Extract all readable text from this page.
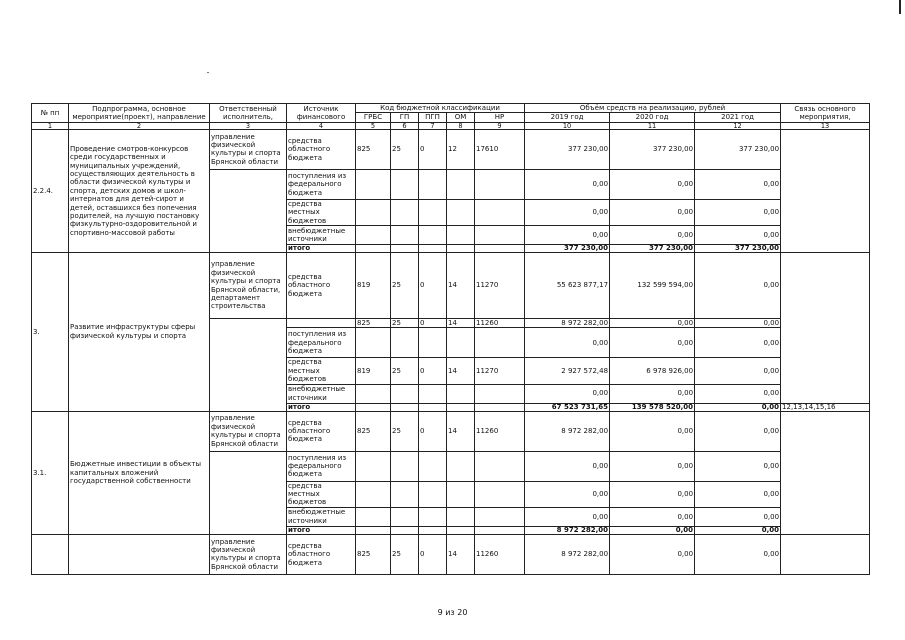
№ пп	Подпрограмма, основное мероприятие(проект), направление	Ответственный исполнитель,	Источник финансового	Код бюджетной классификации					Объём средств на реализацию, рублей			Связь основного мероприятия,
				ГРБС	ГП	ПГП	ОМ	НР	2019 год	2020 год	2021 год	
1	2	3	4	5	6	7	8	9	10	11	12	13
2.2.4.	Проведение смотров-конкурсов среди государственных и муниципальных учреждений, осуществляющих деятельность в области физической культуры и спорта, детских домов и школ-интернатов для детей-сирот и детей, оставшихся без попечения родителей, на лучшую постановку физкультурно-оздоровительной и спортивно-массовой работы	управление физической культуры и спорта Брянской области	средства областного бюджета	825	25	0	12	17610	377 230,00	377 230,00	377 230,00	
			поступления из федерального бюджета						0,00	0,00	0,00	
			средства местных бюджетов						0,00	0,00	0,00	
			внебюджетные источники						0,00	0,00	0,00	
			итого						377 230,00	377 230,00	377 230,00	
3.	Развитие инфраструктуры сферы физической культуры и спорта	управление физической культуры и спорта Брянской области, департамент строительства	средства областного бюджета	819	25	0	14	11270	55 623 877,17	132 599 594,00	0,00	
				825	25	0	14	11260	8 972 282,00	0,00	0,00	
			поступления из федерального бюджета						0,00	0,00	0,00	
			средства местных бюджетов	819	25	0	14	11270	2 927 572,48	6 978 926,00	0,00	
			внебюджетные источники						0,00	0,00	0,00	
			итого						67 523 731,65	139 578 520,00	0,00	12,13,14,15,16
3.1.	Бюджетные инвестиции в объекты капитальных вложений государственной собственности	управление физической культуры и спорта Брянской области	средства областного бюджета	825	25	0	14	11260	8 972 282,00	0,00	0,00	
			поступления из федерального бюджета						0,00	0,00	0,00	
			средства местных бюджетов						0,00	0,00	0,00	
			внебюджетные источники						0,00	0,00	0,00	
			итого						8 972 282,00	0,00	0,00	
		управление физической культуры и спорта Брянской области	средства областного бюджета	825	25	0	14	11260	8 972 282,00	0,00	0,00	
9 из 20
